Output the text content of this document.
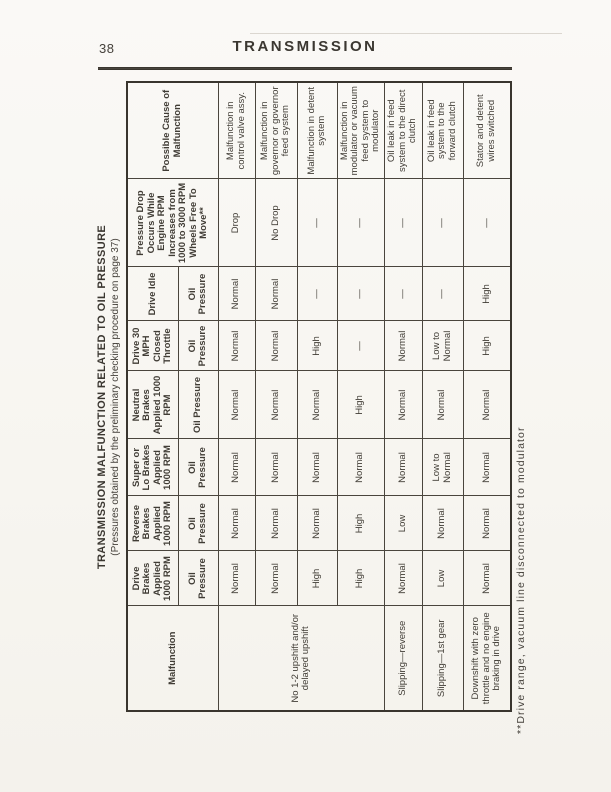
38	TRANSMISSION
TRANSMISSION MALFUNCTION RELATED TO OIL PRESSURE (Pressures obtained by the preliminary checking procedure on page 37)
Malfunction	Drive Brakes Applied 1000 RPM	Reverse Brakes Applied 1000 RPM	Super or Lo Brakes Applied 1000 RPM	Neutral Brakes Applied 1000 RPM	Drive 30 MPH Closed Throttle	Drive Idle	Pressure Drop Occurs While Engine RPM Increases from 1000 to 3000 RPM Wheels Free To Move**	Possible Cause of Malfunction
	Oil Pressure	Oil Pressure	Oil Pressure	Oil Pressure	Oil Pressure	Oil Pressure		
No 1-2 upshift and/or delayed upshift	Normal	Normal	Normal	Normal	Normal	Normal	Drop	Malfunction in control valve assy.
	Normal	Normal	Normal	Normal	Normal	Normal	No Drop	Malfunction in governor or governor feed system
	High	Normal	Normal	Normal	High	—	—	Malfunction in detent system
	High	High	Normal	High	—	—	—	Malfunction in modulator or vacuum feed system to modulator
Slipping—reverse	Normal	Low	Normal	Normal	Normal	—	—	Oil leak in feed system to the direct clutch
Slipping—1st gear	Low	Normal	Low to Normal	Normal	Low to Normal	—	—	Oil leak in feed system to the forward clutch
Downshift with zero throttle and no engine braking in drive	Normal	Normal	Normal	Normal	High	High	—	Stator and detent wires switched
**Drive range, vacuum line disconnected to modulator
